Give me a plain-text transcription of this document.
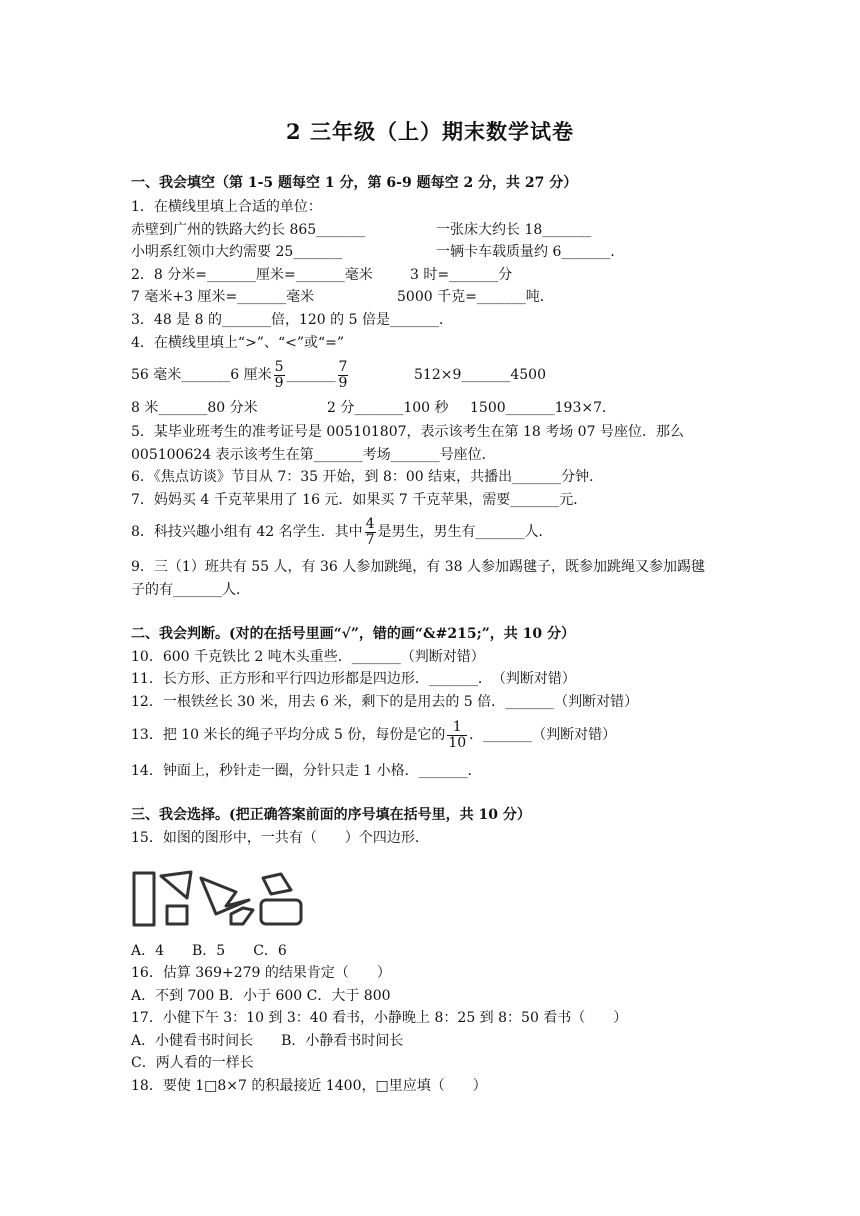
2 三年级（上）期末数学试卷
一、我会填空（第 1-5 题每空 1 分，第 6-9 题每空 2 分，共 27 分）
1．在横线里填上合适的单位：
赤壁到广州的铁路大约长 865_______	一张床大约长 18_______
小明系红领巾大约需要 25_______	一辆卡车载质量约 6_______．
2．8 分米=_______厘米=_______毫米	3 时=_______分
7 毫米+3 厘米=_______毫米	5000 千克=_______吨．
3．48 是 8 的_______倍，120 的 5 倍是_______．
4．在横线里填上“>”、“<”或“=”
56 毫米_______6 厘米 $\frac{5}{9}$ _______ $\frac{7}{9}$	512×9_______4500
8 米_______80 分米	2 分_______100 秒 1500_______193×7．
5．某毕业班考生的准考证号是 005101807，表示该考生在第 18 考场 07 号座位．那么
005100624 表示该考生在第_______考场_______号座位．
6．《焦点访谈》节目从 7：35 开始，到 8：00 结束，共播出_______分钟．
7．妈妈买 4 千克苹果用了 16 元．如果买 7 千克苹果，需要_______元．
8．科技兴趣小组有 42 名学生．其中 $\frac{4}{7}$ 是男生，男生有_______人．
9．三（1）班共有 55 人，有 36 人参加跳绳，有 38 人参加踢毽子，既参加跳绳又参加踢毽
子的有_______人．
二、我会判断。(对的在括号里画“√”，错的画“&#215;”，共 10 分）
10．600 千克铁比 2 吨木头重些．_______（判断对错）
11．长方形、正方形和平行四边形都是四边形．_______．　（判断对错）
12．一根铁丝长 30 米，用去 6 米，剩下的是用去的 5 倍．_______（判断对错）
13．把 10 米长的绳子平均分成 5 份，每份是它的 $\frac{1}{10}$ ．_______（判断对错）
14．钟面上，秒针走一圈，分针只走 1 小格．_______．
三、我会选择。(把正确答案前面的序号填在括号里，共 10 分）
15．如图的图形中，一共有（　　）个四边形．
A．4　　B．5　　C．6
16．估算 369+279 的结果肯定（　　）
A．不到 700 B．小于 600 C．大于 800
17．小健下午 3：10 到 3：40 看书，小静晚上 8：25 到 8：50 看书（　　）
A．小健看书时间长　　B．小静看书时间长
C．两人看的一样长
18．要使 1□8×7 的积最接近 1400，□里应填（　　）
